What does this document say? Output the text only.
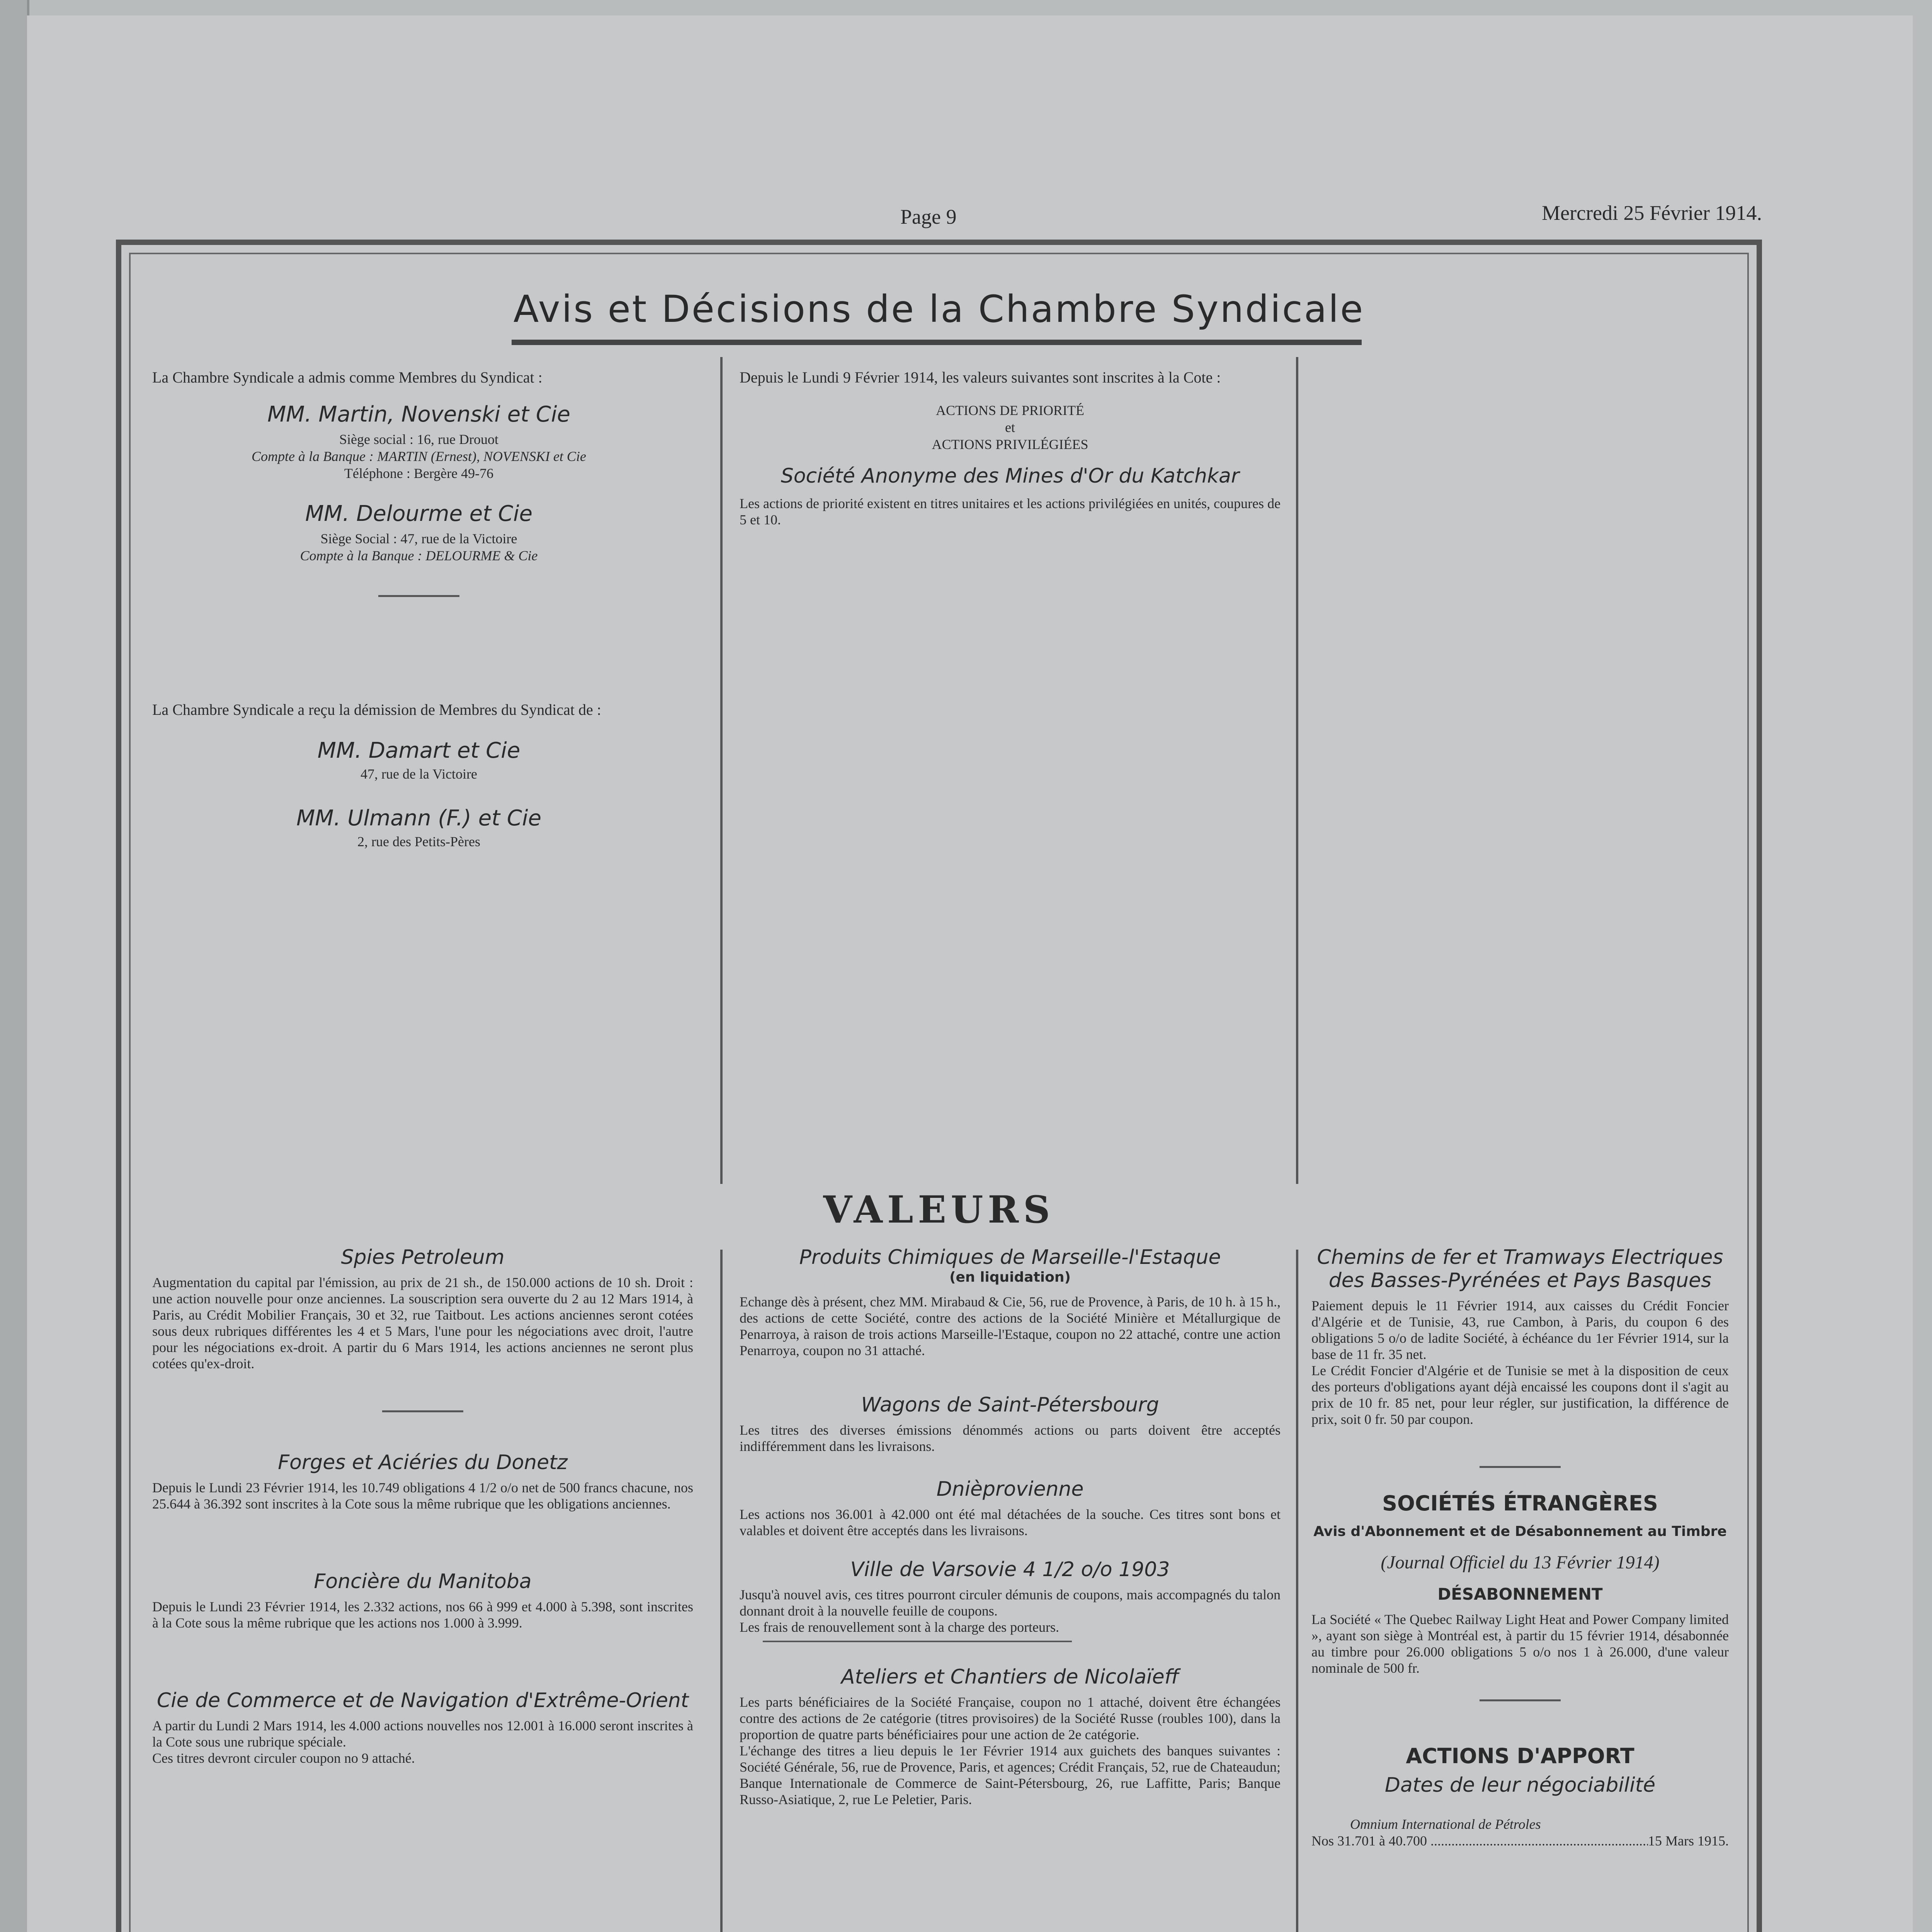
Page 9	Mercredi 25 Février 1914.
Avis et Décisions de la Chambre Syndicale
La Chambre Syndicale a admis comme Membres du Syndicat :
MM. Martin, Novenski et Cie
Siège social : 16, rue Drouot
Compte à la Banque : MARTIN (Ernest), NOVENSKI et Cie
Téléphone : Bergère 49-76
MM. Delourme et Cie
Siège Social : 47, rue de la Victoire
Compte à la Banque : DELOURME & Cie
La Chambre Syndicale a reçu la démission de Membres du Syndicat de :
MM. Damart et Cie
47, rue de la Victoire
MM. Ulmann (F.) et Cie
2, rue des Petits-Pères
Depuis le Lundi 9 Février 1914, les valeurs suivantes sont inscrites à la Cote :
ACTIONS DE PRIORITÉ
et
ACTIONS PRIVILÉGIÉES
Société Anonyme des Mines d'Or du Katchkar
Les actions de priorité existent en titres unitaires et les actions privilégiées en unités, coupures de 5 et 10.
VALEURS
Spies Petroleum
Augmentation du capital par l'émission, au prix de 21 sh., de 150.000 actions de 10 sh. Droit : une action nouvelle pour onze anciennes. La souscription sera ouverte du 2 au 12 Mars 1914, à Paris, au Crédit Mobilier Français, 30 et 32, rue Taitbout. Les actions anciennes seront cotées sous deux rubriques différentes les 4 et 5 Mars, l'une pour les négociations avec droit, l'autre pour les négociations ex-droit. A partir du 6 Mars 1914, les actions anciennes ne seront plus cotées qu'ex-droit.
Forges et Aciéries du Donetz
Depuis le Lundi 23 Février 1914, les 10.749 obligations 4 1/2 o/o net de 500 francs chacune, nos 25.644 à 36.392 sont inscrites à la Cote sous la même rubrique que les obligations anciennes.
Foncière du Manitoba
Depuis le Lundi 23 Février 1914, les 2.332 actions, nos 66 à 999 et 4.000 à 5.398, sont inscrites à la Cote sous la même rubrique que les actions nos 1.000 à 3.999.
Cie de Commerce et de Navigation d'Extrême-Orient
A partir du Lundi 2 Mars 1914, les 4.000 actions nouvelles nos 12.001 à 16.000 seront inscrites à la Cote sous une rubrique spéciale.
Ces titres devront circuler coupon no 9 attaché.
Produits Chimiques de Marseille-l'Estaque
(en liquidation)
Echange dès à présent, chez MM. Mirabaud & Cie, 56, rue de Provence, à Paris, de 10 h. à 15 h., des actions de cette Société, contre des actions de la Société Minière et Métallurgique de Penarroya, à raison de trois actions Marseille-l'Estaque, coupon no 22 attaché, contre une action Penarroya, coupon no 31 attaché.
Wagons de Saint-Pétersbourg
Les titres des diverses émissions dénommés actions ou parts doivent être acceptés indifféremment dans les livraisons.
Dnièprovienne
Les actions nos 36.001 à 42.000 ont été mal détachées de la souche. Ces titres sont bons et valables et doivent être acceptés dans les livraisons.
Ville de Varsovie 4 1/2 o/o 1903
Jusqu'à nouvel avis, ces titres pourront circuler démunis de coupons, mais accompagnés du talon donnant droit à la nouvelle feuille de coupons.
Les frais de renouvellement sont à la charge des porteurs.
Ateliers et Chantiers de Nicolaïeff
Les parts bénéficiaires de la Société Française, coupon no 1 attaché, doivent être échangées contre des actions de 2e catégorie (titres provisoires) de la Société Russe (roubles 100), dans la proportion de quatre parts bénéficiaires pour une action de 2e catégorie.
L'échange des titres a lieu depuis le 1er Février 1914 aux guichets des banques suivantes : Société Générale, 56, rue de Provence, Paris, et agences; Crédit Français, 52, rue de Chateaudun; Banque Internationale de Commerce de Saint-Pétersbourg, 26, rue Laffitte, Paris; Banque Russo-Asiatique, 2, rue Le Peletier, Paris.
Chemins de fer et Tramways Electriques des Basses-Pyrénées et Pays Basques
Paiement depuis le 11 Février 1914, aux caisses du Crédit Foncier d'Algérie et de Tunisie, 43, rue Cambon, à Paris, du coupon 6 des obligations 5 o/o de ladite Société, à échéance du 1er Février 1914, sur la base de 11 fr. 35 net.
Le Crédit Foncier d'Algérie et de Tunisie se met à la disposition de ceux des porteurs d'obligations ayant déjà encaissé les coupons dont il s'agit au prix de 10 fr. 85 net, pour leur régler, sur justification, la différence de prix, soit 0 fr. 50 par coupon.
SOCIÉTÉS ÉTRANGÈRES
Avis d'Abonnement et de Désabonnement au Timbre
(Journal Officiel du 13 Février 1914)
DÉSABONNEMENT
La Société « The Quebec Railway Light Heat and Power Company limited », ayant son siège à Montréal est, à partir du 15 février 1914, désabonnée au timbre pour 26.000 obligations 5 o/o nos 1 à 26.000, d'une valeur nominale de 500 fr.
ACTIONS D'APPORT
Dates de leur négociabilité
Omnium International de Pétroles
Nos 31.701 à 40.700 .....	15 Mars 1915.
